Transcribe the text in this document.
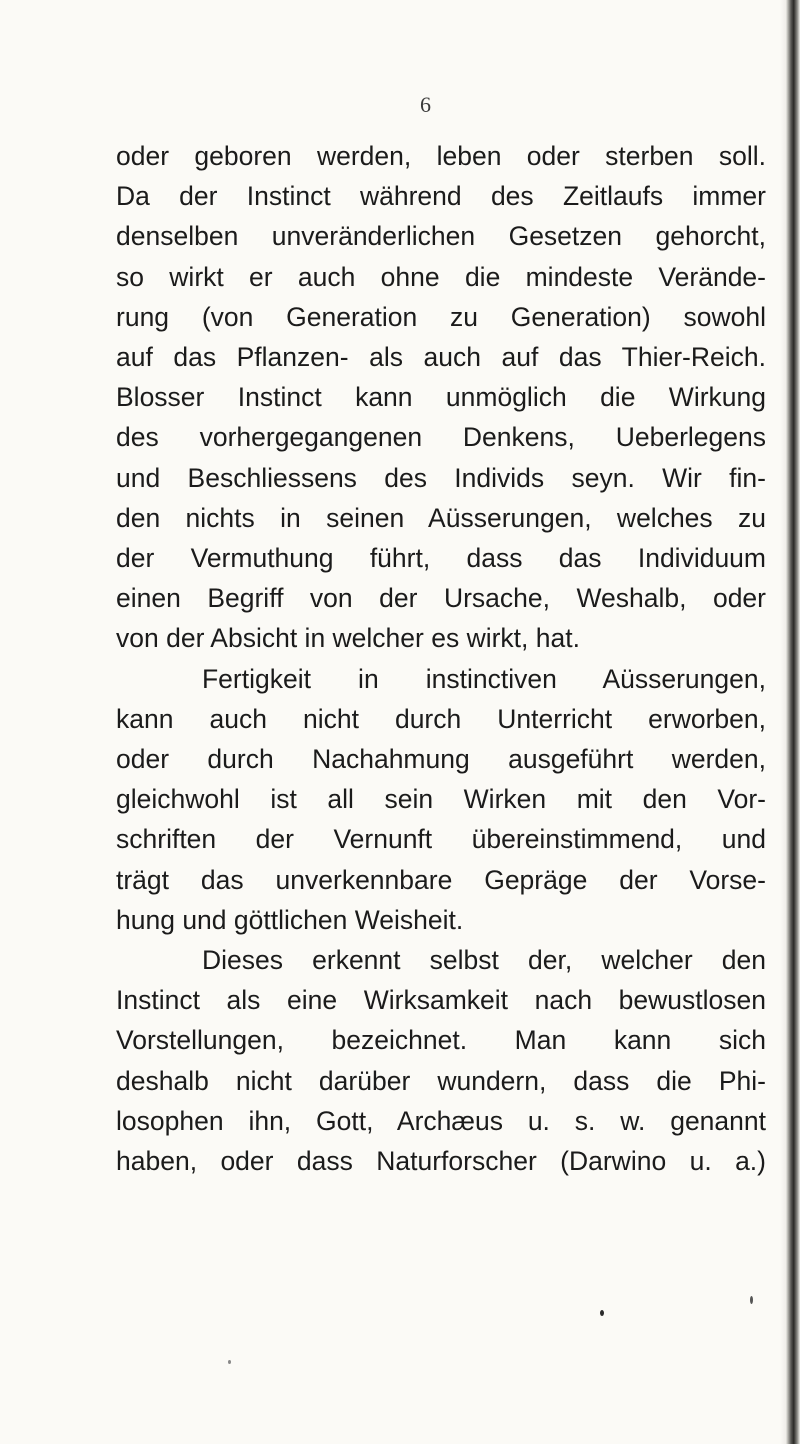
6
oder geboren werden, leben oder sterben soll.
Da der Instinct während des Zeitlaufs immer
denselben unveränderlichen Gesetzen gehorcht,
so wirkt er auch ohne die mindeste Verände-
rung (von Generation zu Generation) sowohl
auf das Pflanzen- als auch auf das Thier-Reich.
Blosser Instinct kann unmöglich die Wirkung
des vorhergegangenen Denkens, Ueberlegens
und Beschliessens des Individs seyn. Wir fin-
den nichts in seinen Aüsserungen, welches zu
der Vermuthung führt, dass das Individuum
einen Begriff von der Ursache, Weshalb, oder
von der Absicht in welcher es wirkt, hat.
Fertigkeit in instinctiven Aüsserungen,
kann auch nicht durch Unterricht erworben,
oder durch Nachahmung ausgeführt werden,
gleichwohl ist all sein Wirken mit den Vor-
schriften der Vernunft übereinstimmend, und
trägt das unverkennbare Gepräge der Vorse-
hung und göttlichen Weisheit.
Dieses erkennt selbst der, welcher den
Instinct als eine Wirksamkeit nach bewustlosen
Vorstellungen, bezeichnet. Man kann sich
deshalb nicht darüber wundern, dass die Phi-
losophen ihn, Gott, Archæus u. s. w. genannt
haben, oder dass Naturforscher (Darwino u. a.)
